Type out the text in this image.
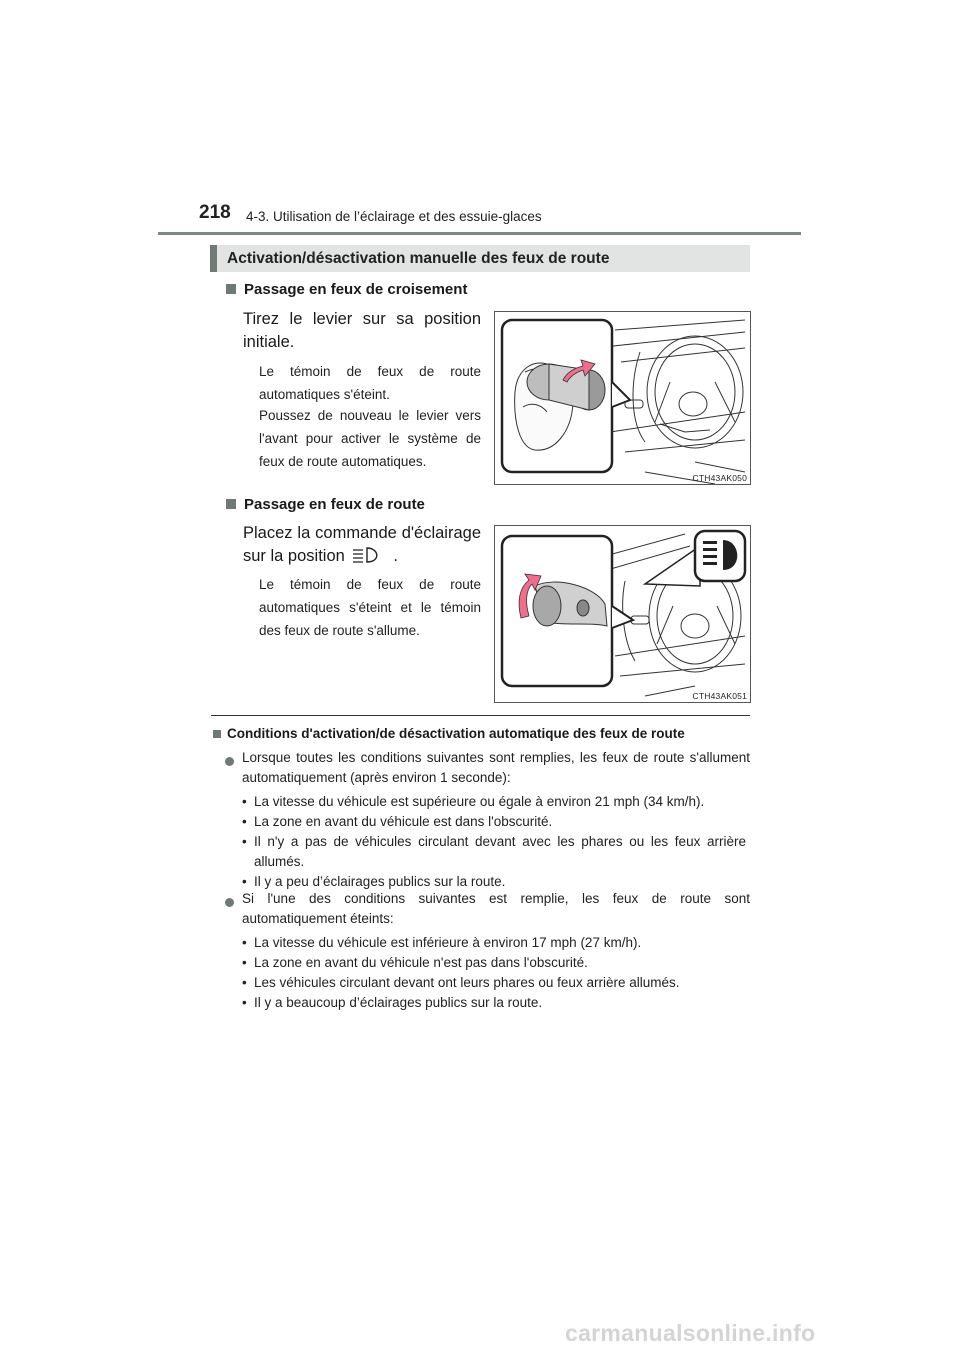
218 4-3. Utilisation de l’éclairage et des essuie-glaces
Activation/désactivation manuelle des feux de route
Passage en feux de croisement
Tirez le levier sur sa position initiale.
Le témoin de feux de route automatiques s'éteint.
Poussez de nouveau le levier vers l'avant pour activer le système de feux de route automatiques.
CTH43AK050
Passage en feux de route
Placez la commande d'éclairage sur la position	.
Le témoin de feux de route automatiques s'éteint et le témoin des feux de route s'allume.
CTH43AK051
Conditions d'activation/de désactivation automatique des feux de route
Lorsque toutes les conditions suivantes sont remplies, les feux de route s'allument automatiquement (après environ 1 seconde):
• La vitesse du véhicule est supérieure ou égale à environ 21 mph (34 km/h).
• La zone en avant du véhicule est dans l'obscurité.
• Il n'y a pas de véhicules circulant devant avec les phares ou les feux arrière allumés.
• Il y a peu d’éclairages publics sur la route.
Si l'une des conditions suivantes est remplie, les feux de route sont automatiquement éteints:
• La vitesse du véhicule est inférieure à environ 17 mph (27 km/h).
• La zone en avant du véhicule n'est pas dans l'obscurité.
• Les véhicules circulant devant ont leurs phares ou feux arrière allumés.
• Il y a beaucoup d’éclairages publics sur la route.
carmanualsonline.info
